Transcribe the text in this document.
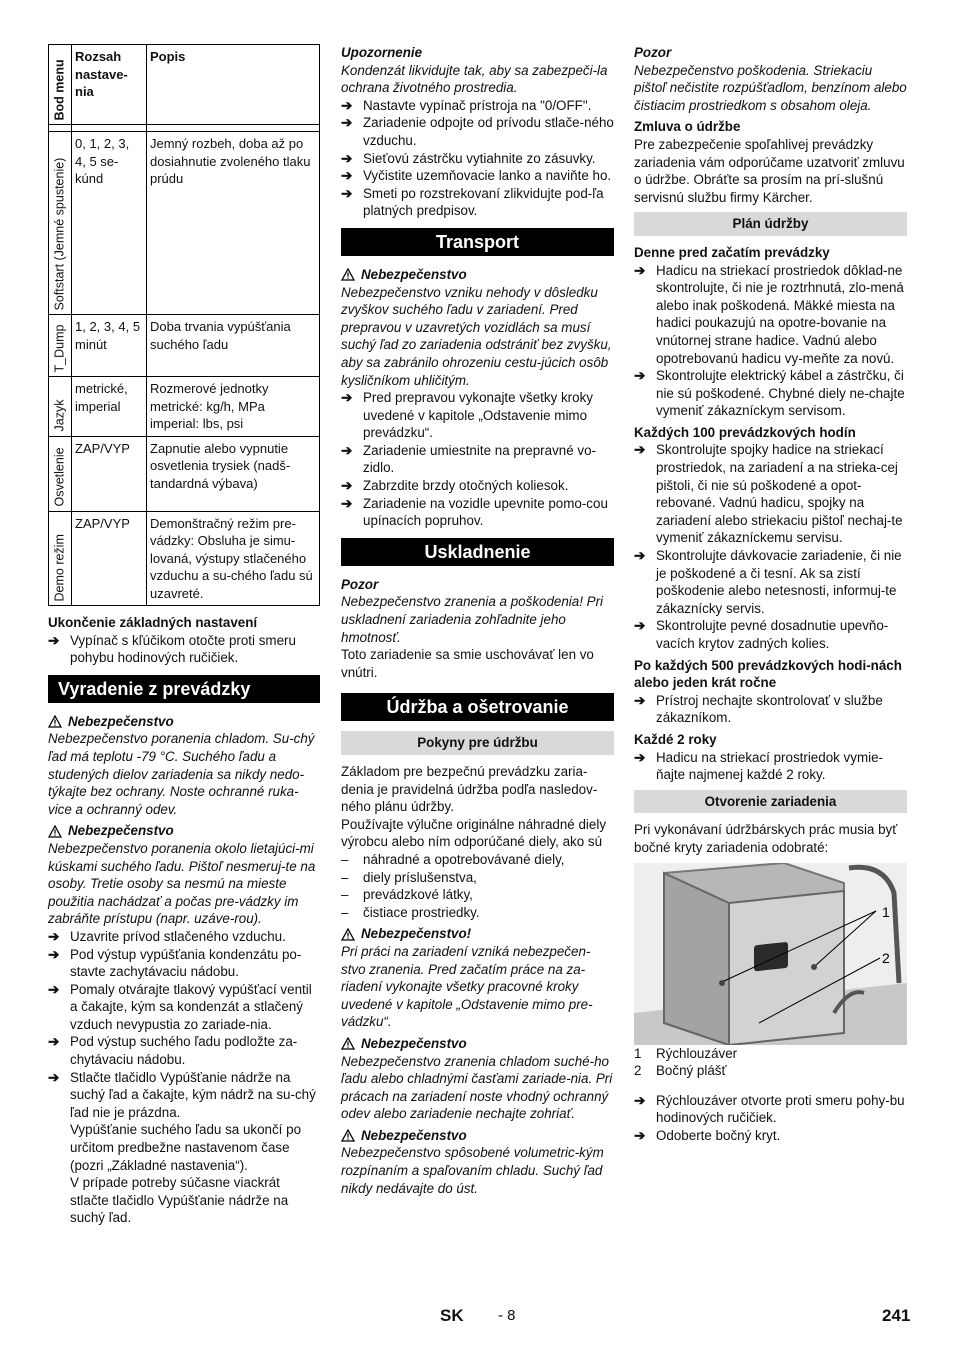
Bod menu	Rozsah nastave-nia	Popis

Softstart (Jemné spustenie)	0, 1, 2, 3, 4, 5 se-kúnd	Jemný rozbeh, doba až po dosiahnutie zvoleného tlaku prúdu

T_Dump	1, 2, 3, 4, 5 minút	Doba trvania vypúšťania suchého ľadu

Jazyk	metrické, imperial	Rozmerové jednotky metrické: kg/h, MPa imperial: lbs, psi

Osvetlenie	ZAP/VYP	Zapnutie alebo vypnutie osvetlenia trysiek (nadš-tandardná výbava)

Demo režim	ZAP/VYP	Demonštračný režim pre-vádzky: Obsluha je simu-lovaná, výstupy stlačeného vzduchu a su-chého ľadu sú uzavreté.
Ukončenie základných nastavení
➔ Vypínač s kľúčikom otočte proti smeru pohybu hodinových ručičiek.
Vyradenie z prevádzky
Nebezpečenstvo

Nebezpečenstvo poranenia chladom. Su-chý ľad má teplotu -79 °C. Suchého ľadu a studených dielov zariadenia sa nikdy nedo-týkajte bez ochrany. Noste ochranné ruka-vice a ochranný odev.

Nebezpečenstvo

Nebezpečenstvo poranenia okolo lietajúci-mi kúskami suchého ľadu. Pištoľ nesmeruj-te na osoby. Tretie osoby sa nesmú na mieste použitia nachádzať a počas pre-vádzky im zabráňte prístupu (napr. uzáve-rou).

➔ Uzavrite prívod stlačeného vzduchu.
➔ Pod výstup vypúšťania kondenzátu po-stavte zachytávaciu nádobu.
➔ Pomaly otvárajte tlakový vypúšťací ventil a čakajte, kým sa kondenzát a stlačený vzduch nevypustia zo zariade-nia.
➔ Pod výstup suchého ľadu podložte za-chytávaciu nádobu.
➔ Stlačte tlačidlo Vypúšťanie nádrže na suchý ľad a čakajte, kým nádrž na su-chý ľad nie je prázdna.

Vypúšťanie suchého ľadu sa ukončí po určitom predbežne nastavenom čase (pozri „Základné nastavenia“).

V prípade potreby súčasne viackrát stlačte tlačidlo Vypúšťanie nádrže na suchý ľad.

Upozornenie

Kondenzát likvidujte tak, aby sa zabezpeči-la ochrana životného prostredia.

➔ Nastavte vypínač prístroja na "0/OFF".
➔ Zariadenie odpojte od prívodu stlače-ného vzduchu.
➔ Sieťovú zástrčku vytiahnite zo zásuvky.
➔ Vyčistite uzemňovacie lanko a naviňte ho.
➔ Smeti po rozstrekovaní zlikvidujte pod-ľa platných predpisov.
Transport
Nebezpečenstvo

Nebezpečenstvo vzniku nehody v dôsledku zvyškov suchého ľadu v zariadení. Pred prepravou v uzavretých vozidlách sa musí suchý ľad zo zariadenia odstrániť bez zvyšku, aby sa zabránilo ohrozeniu cestu-júcich osôb kysličníkom uhličitým.

➔ Pred prepravou vykonajte všetky kroky uvedené v kapitole „Odstavenie mimo prevádzku“.
➔ Zariadenie umiestnite na prepravné vo-zidlo.
➔ Zabrzdite brzdy otočných koliesok.
➔ Zariadenie na vozidle upevnite pomo-cou upínacích popruhov.
Uskladnenie
Pozor

Nebezpečenstvo zranenia a poškodenia! Pri uskladnení zariadenia zohľadnite jeho hmotnosť.

Toto zariadenie sa smie uschovávať len vo vnútri.

Údržba a ošetrovanie
Pokyny pre údržbu

Základom pre bezpečnú prevádzku zaria-denia je pravidelná údržba podľa nasledov-ného plánu údržby.

Používajte výlučne originálne náhradné diely výrobcu alebo ním odporúčané diely, ako sú

–	náhradné a opotrebovávané diely,
–	diely príslušenstva,
–	prevádzkové látky,
–	čistiace prostriedky.
Nebezpečenstvo!

Pri práci na zariadení vzniká nebezpečen-stvo zranenia. Pred začatím práce na za-riadení vykonajte všetky pracovné kroky uvedené v kapitole „Odstavenie mimo pre-vádzku“.

Nebezpečenstvo

Nebezpečenstvo zranenia chladom suché-ho ľadu alebo chladnými časťami zariade-nia. Pri prácach na zariadení noste vhodný ochranný odev alebo zariadenie nechajte zohriať.

Nebezpečenstvo

Nebezpečenstvo spôsobené volumetric-kým rozpínaním a spaľovaním chladu. Suchý ľad nikdy nedávajte do úst.

Pozor

Nebezpečenstvo poškodenia. Striekaciu pištoľ nečistite rozpúšťadlom, benzínom alebo čistiacim prostriedkom s obsahom oleja.

Zmluva o údržbe

Pre zabezpečenie spoľahlivej prevádzky zariadenia vám odporúčame uzatvoriť zmluvu o údržbe. Obráťte sa prosím na prí-slušnú servisnú službu firmy Kärcher.

Plán údržby
Denne pred začatím prevádzky
➔ Hadicu na striekací prostriedok dôklad-ne skontrolujte, či nie je roztrhnutá, zlo-mená alebo inak poškodená. Mäkké miesta na hadici poukazujú na opotre-bovanie na vnútornej strane hadice. Vadnú alebo opotrebovanú hadicu vy-meňte za novú.
➔ Skontrolujte elektrický kábel a zástrčku, či nie sú poškodené. Chybné diely ne-chajte vymeniť zákazníckym servisom.
Každých 100 prevádzkových hodín
➔ Skontrolujte spojky hadice na striekací prostriedok, na zariadení a na strieka-cej pištoli, či nie sú poškodené a opot-rebované. Vadnú hadicu, spojky na zariadení alebo striekaciu pištoľ nechaj-te vymeniť zákazníckemu servisu.
➔ Skontrolujte dávkovacie zariadenie, či nie je poškodené a či tesní. Ak sa zistí poškodenie alebo netesnosti, informuj-te zákaznícky servis.
➔ Skontrolujte pevné dosadnutie upevňo-vacích krytov zadných kolies.
Po každých 500 prevádzkových hodi-nách alebo jeden krát ročne
➔ Prístroj nechajte skontrolovať v službe zákazníkom.
Každé 2 roky
➔ Hadicu na striekací prostriedok vymie-ňajte najmenej každé 2 roky.
Otvorenie zariadenia

Pri vykonávaní údržbárskych prác musia byť bočné kryty zariadenia odobraté:

1
2
1	Rýchlouzáver
2	Bočný plášť
➔ Rýchlouzáver otvorte proti smeru pohy-bu hodinových ručičiek.
➔ Odoberte bočný kryt.
SK - 8	241
